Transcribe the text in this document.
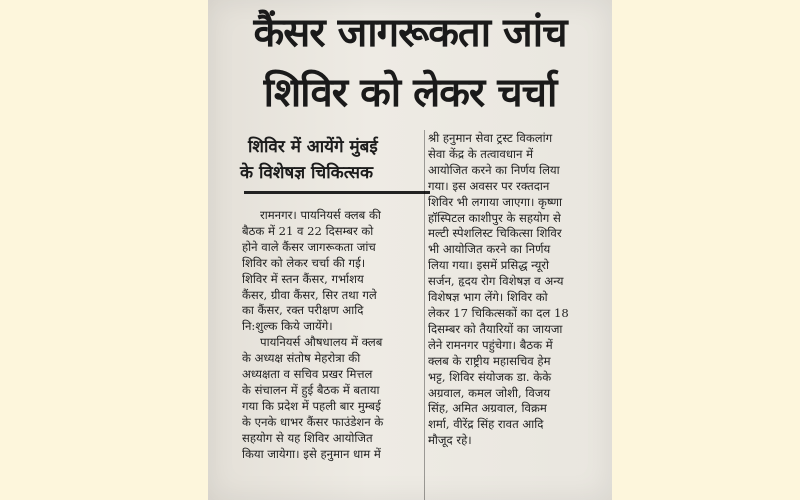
कैंसर जागरूकता जांच
शिविर को लेकर चर्चा
शिविर में आयेंगे मुंबई
के विशेषज्ञ चिकित्सक
रामनगर। पायनियर्स क्लब की
बैठक में 21 व 22 दिसम्बर को
होने वाले कैंसर जागरूकता जांच
शिविर को लेकर चर्चा की गई।
शिविर में स्तन कैंसर, गर्भाशय
कैंसर, ग्रीवा कैंसर, सिर तथा गले
का कैंसर, रक्त परीक्षण आदि
नि:शुल्क किये जायेंगे।
पायनियर्स औषधालय में क्लब
के अध्यक्ष संतोष मेहरोत्रा की
अध्यक्षता व सचिव प्रखर मित्तल
के संचालन में हुई बैठक में बताया
गया कि प्रदेश में पहली बार मुम्बई
के एनके धाभर कैंसर फाउंडेशन के
सहयोग से यह शिविर आयोजित
किया जायेगा। इसे हनुमान धाम में
श्री हनुमान सेवा ट्रस्ट विकलांग
सेवा केंद्र के तत्वावधान में
आयोजित करने का निर्णय लिया
गया। इस अवसर पर रक्तदान
शिविर भी लगाया जाएगा। कृष्णा
हॉस्पिटल काशीपुर के सहयोग से
मल्टी स्पेशलिस्ट चिकित्सा शिविर
भी आयोजित करने का निर्णय
लिया गया। इसमें प्रसिद्ध न्यूरो
सर्जन, हृदय रोग विशेषज्ञ व अन्य
विशेषज्ञ भाग लेंगे। शिविर को
लेकर 17 चिकित्सकों का दल 18
दिसम्बर को तैयारियों का जायजा
लेने रामनगर पहुंचेगा। बैठक में
क्लब के राष्ट्रीय महासचिव हेम
भट्ट, शिविर संयोजक डा. केके
अग्रवाल, कमल जोशी, विजय
सिंह, अमित अग्रवाल, विक्रम
शर्मा, वीरेंद्र सिंह रावत आदि
मौजूद रहे।
